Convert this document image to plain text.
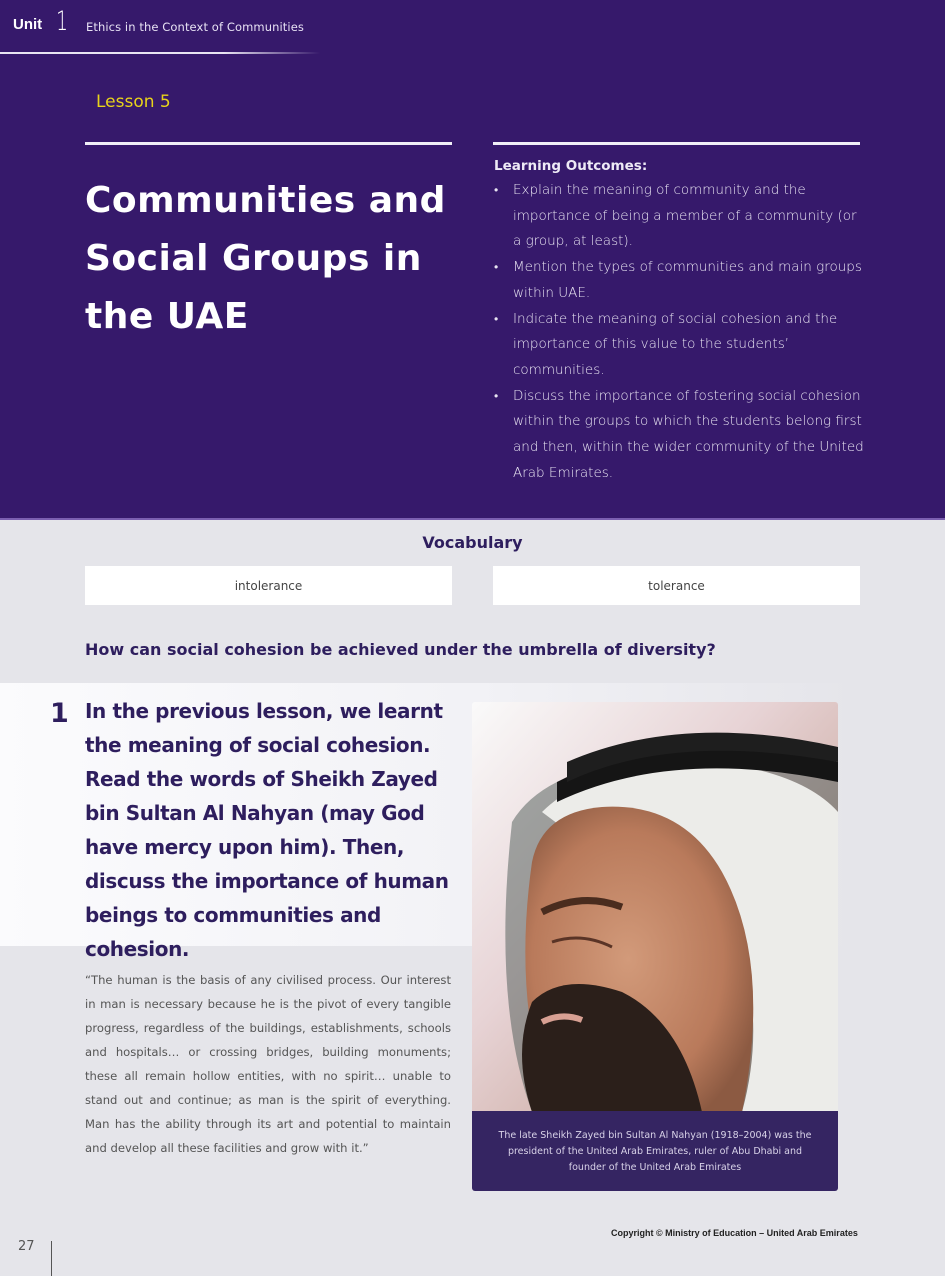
Unit 1 Ethics in the Context of Communities
Lesson 5
Communities and Social Groups in the UAE
Learning Outcomes:
• Explain the meaning of community and the importance of being a member of a community (or a group, at least).
• Mention the types of communities and main groups within UAE.
• Indicate the meaning of social cohesion and the importance of this value to the students’ communities.
• Discuss the importance of fostering social cohesion within the groups to which the students belong first and then, within the wider community of the United Arab Emirates.
Vocabulary
intolerance	tolerance
How can social cohesion be achieved under the umbrella of diversity?
1 In the previous lesson, we learnt the meaning of social cohesion. Read the words of Sheikh Zayed bin Sultan Al Nahyan (may God have mercy upon him). Then, discuss the importance of human beings to communities and cohesion.

“The human is the basis of any civilised process. Our interest in man is necessary because he is the pivot of every tangible progress, regardless of the buildings, establishments, schools and hospitals… or crossing bridges, building monuments; these all remain hollow entities, with no spirit… unable to stand out and continue; as man is the spirit of everything. Man has the ability through its art and potential to maintain and develop all these facilities and grow with it.”

The late Sheikh Zayed bin Sultan Al Nahyan (1918–2004) was the president of the United Arab Emirates, ruler of Abu Dhabi and founder of the United Arab Emirates
Copyright © Ministry of Education – United Arab Emirates
27
